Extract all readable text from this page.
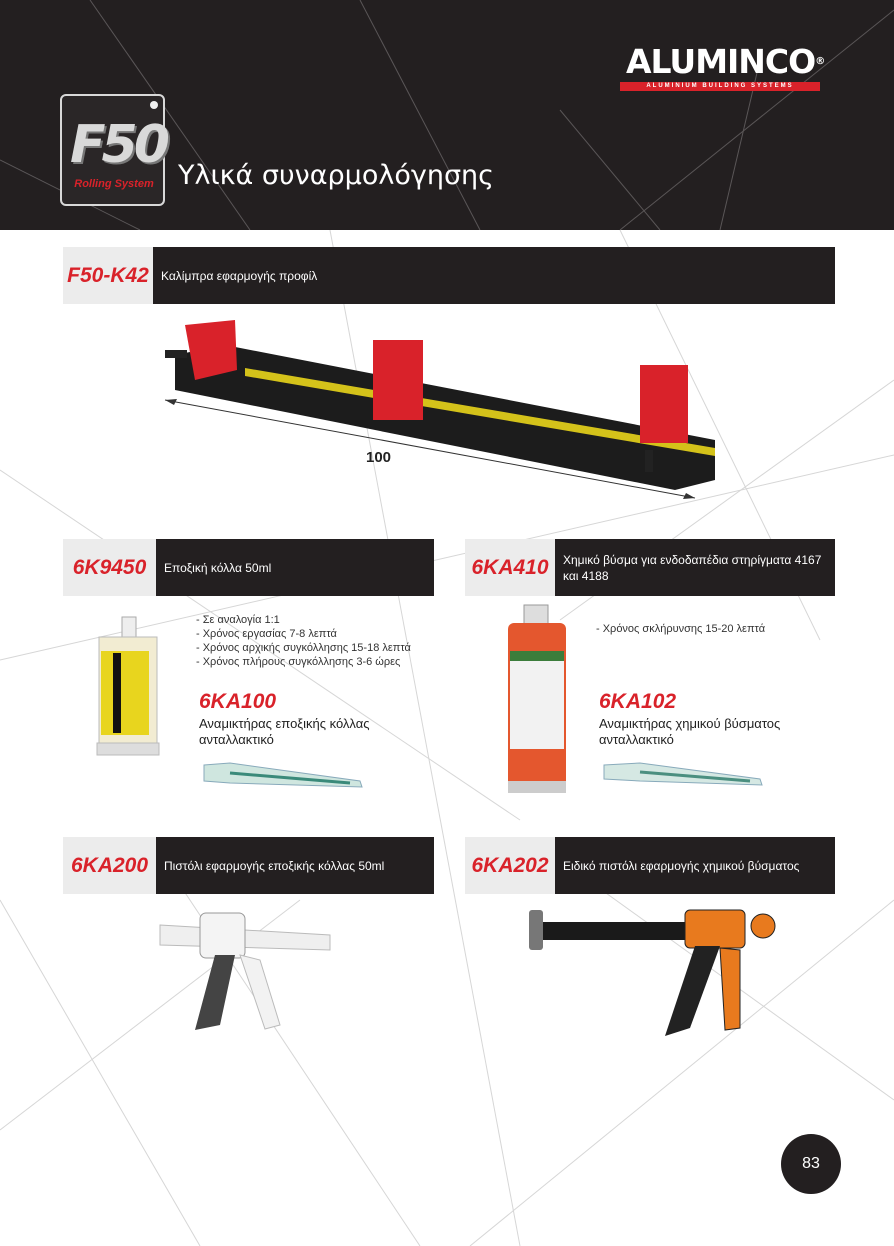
F50
Rolling System Υλικά συναρμολόγησης
ALUMINCO®
ALUMINIUM BUILDING SYSTEMS
F50-K42	Καλίμπρα εφαρμογής προφίλ
100
6K9450	Εποξική κόλλα 50ml	6KA410	Χημικό βύσμα για ενδοδαπέδια στηρίγματα 4167 και 4188
- Σε αναλογία 1:1
- Χρόνος εργασίας 7-8 λεπτά
- Χρόνος αρχικής συγκόλλησης 15-18 λεπτά
- Χρόνος πλήρους συγκόλλησης 3-6 ώρες
6KA100
Αναμικτήρας εποξικής κόλλας ανταλλακτικό
- Χρόνος σκλήρυνσης 15-20 λεπτά
6KA102
Αναμικτήρας χημικού βύσματος ανταλλακτικό
6KA200	Πιστόλι εφαρμογής εποξικής κόλλας 50ml	6KA202	Ειδικό πιστόλι εφαρμογής χημικού βύσματος
83
